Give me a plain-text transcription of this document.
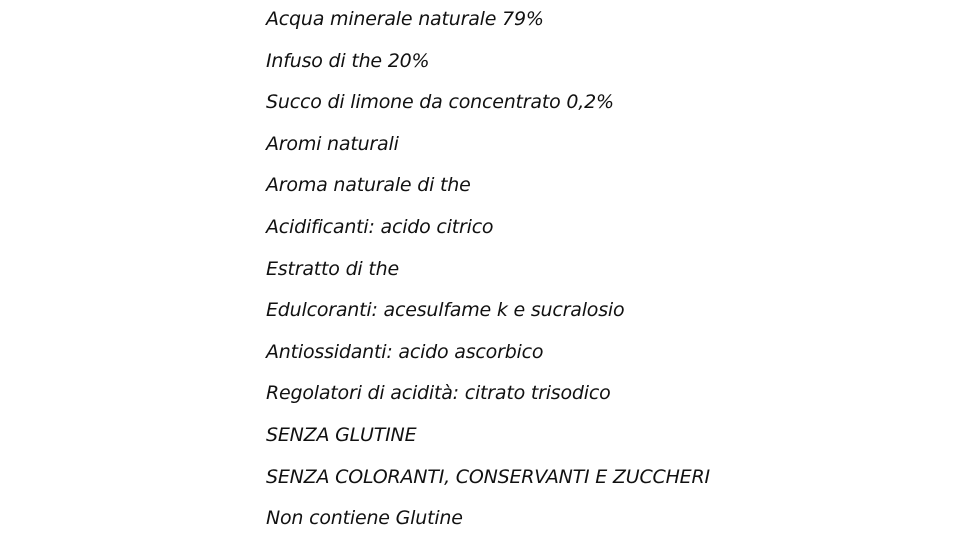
Acqua minerale naturale 79%
Infuso di the 20%
Succo di limone da concentrato 0,2%
Aromi naturali
Aroma naturale di the
Acidificanti: acido citrico
Estratto di the
Edulcoranti: acesulfame k e sucralosio
Antiossidanti: acido ascorbico
Regolatori di acidità: citrato trisodico
SENZA GLUTINE
SENZA COLORANTI, CONSERVANTI E ZUCCHERI
Non contiene Glutine
